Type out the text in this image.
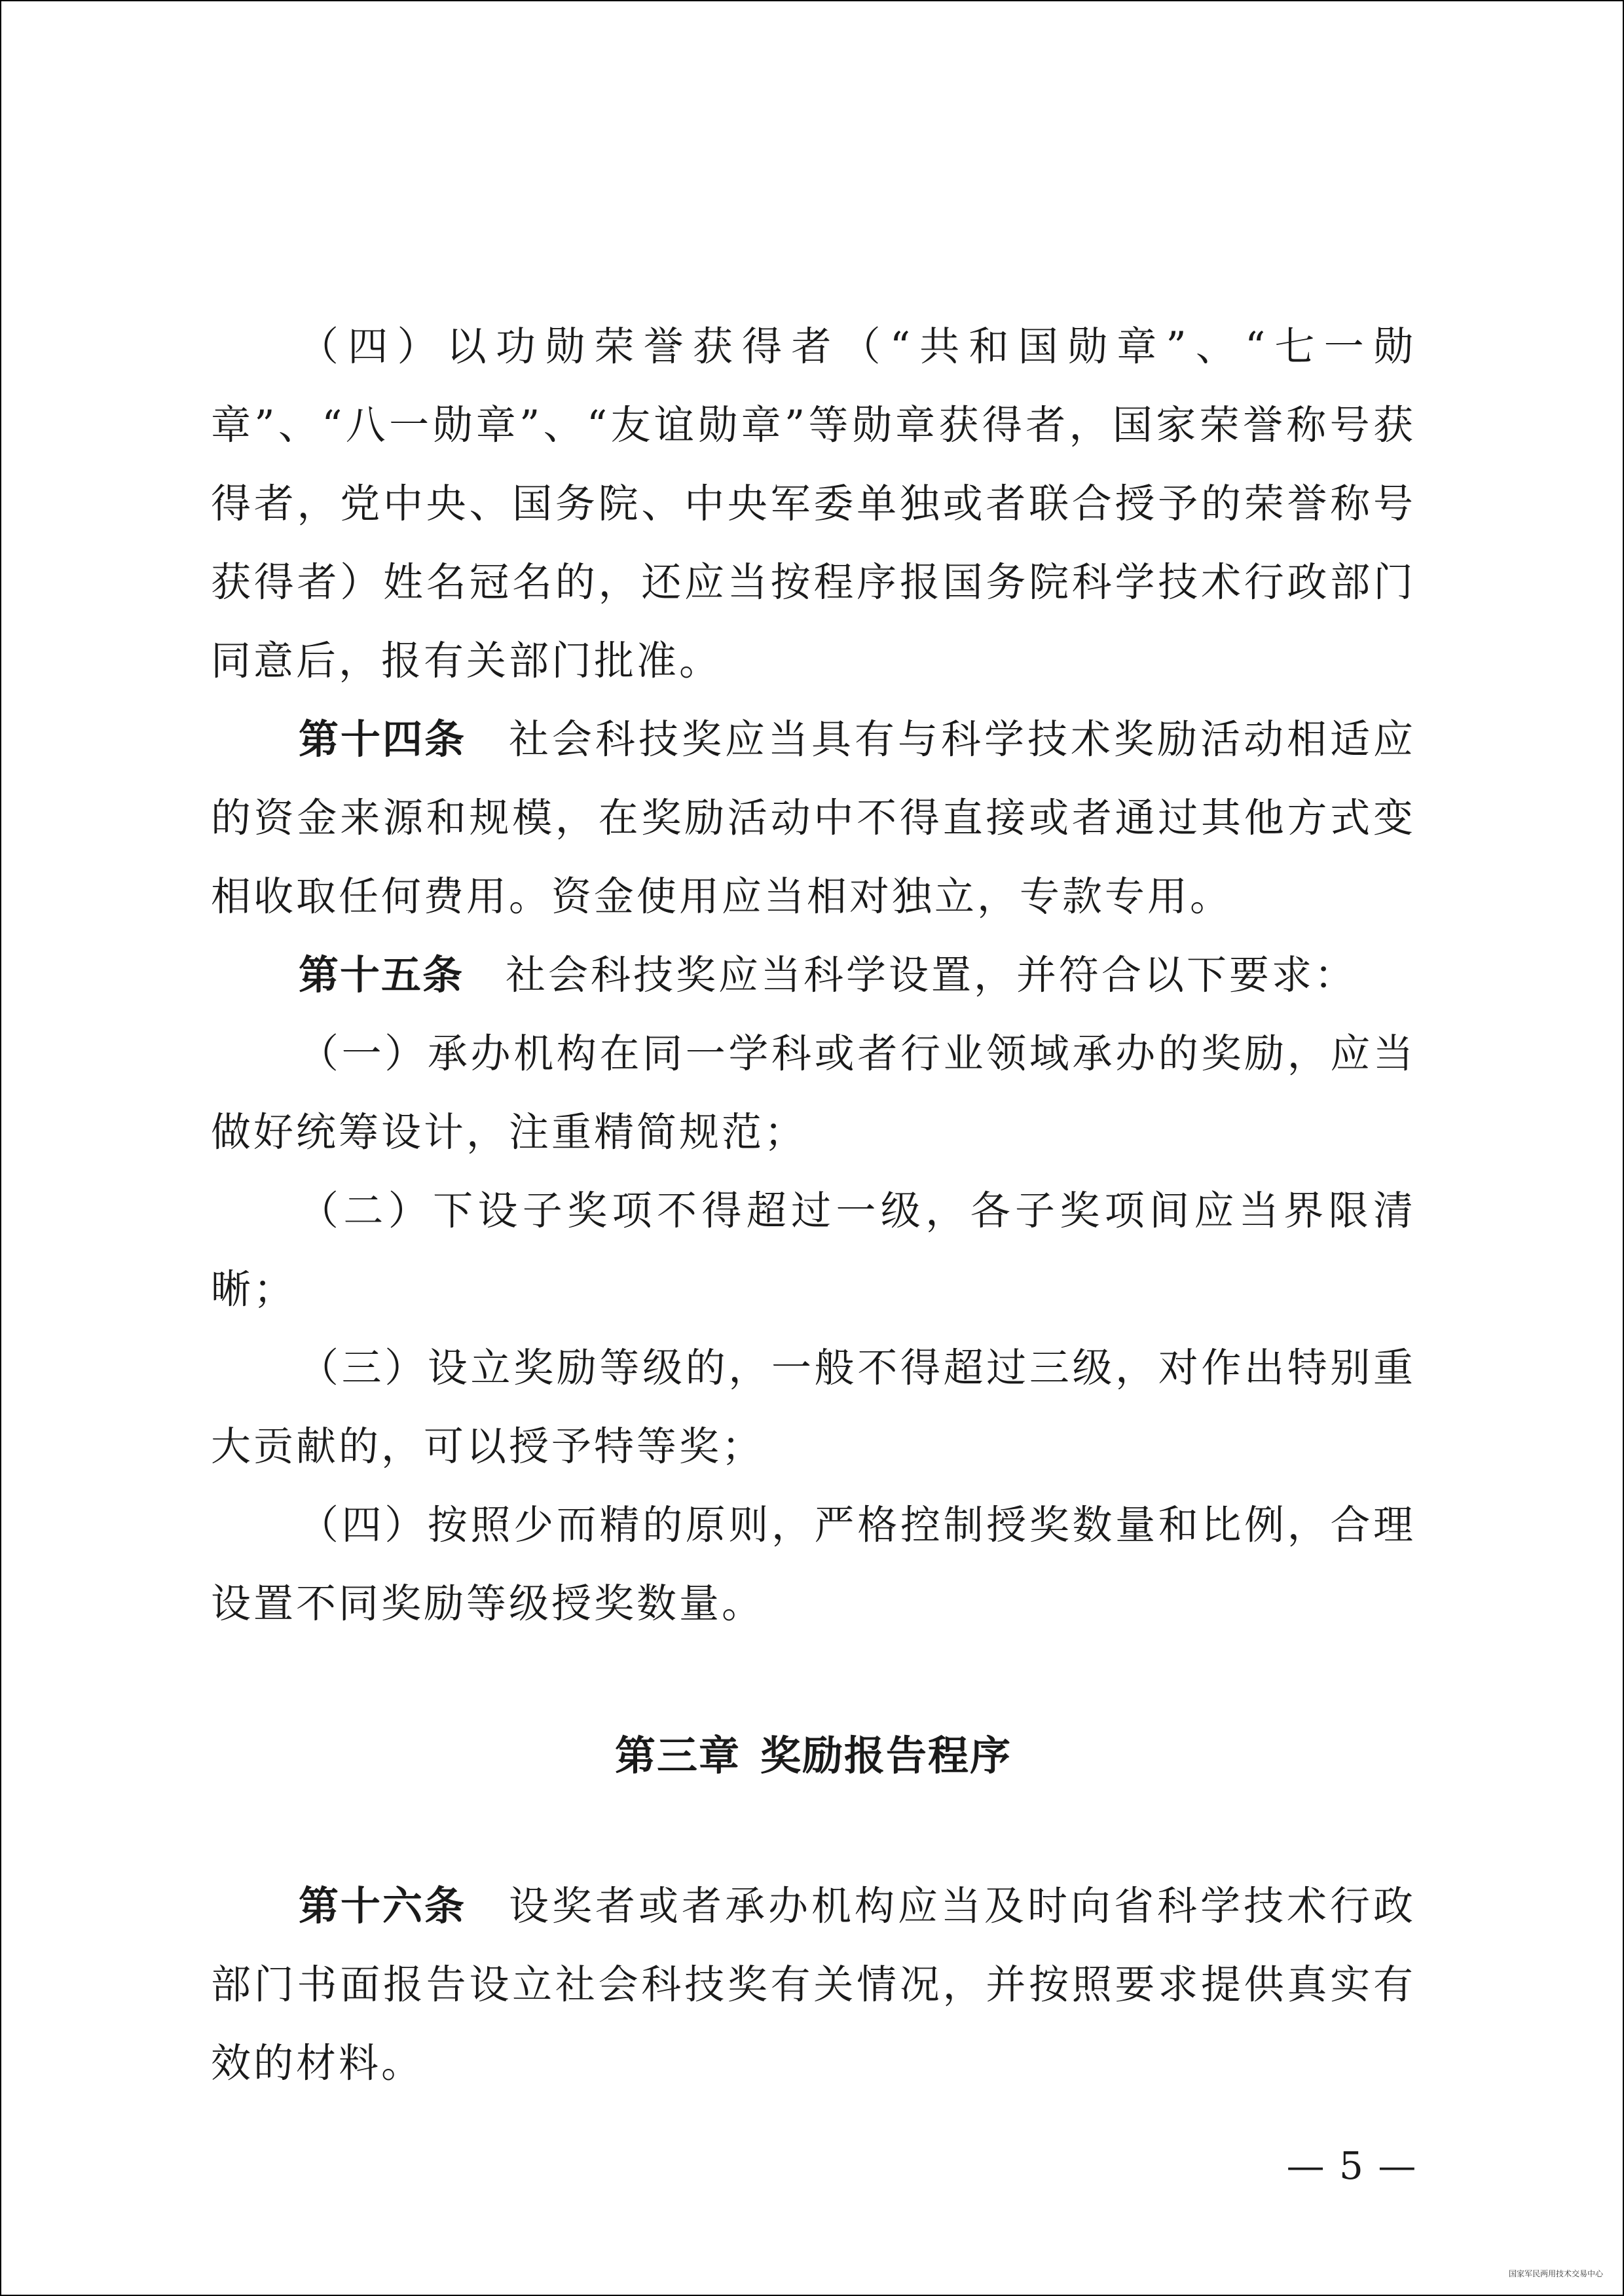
（四）以功勋荣誉获得者（“共和国勋章”、“七一勋章”、“八一勋章”、“友谊勋章”等勋章获得者，国家荣誉称号获得者，党中央、国务院、中央军委单独或者联合授予的荣誉称号获得者）姓名冠名的，还应当按程序报国务院科学技术行政部门同意后，报有关部门批准。

第十四条 社会科技奖应当具有与科学技术奖励活动相适应的资金来源和规模，在奖励活动中不得直接或者通过其他方式变相收取任何费用。资金使用应当相对独立，专款专用。

第十五条 社会科技奖应当科学设置，并符合以下要求：

（一）承办机构在同一学科或者行业领域承办的奖励，应当做好统筹设计，注重精简规范；

（二）下设子奖项不得超过一级，各子奖项间应当界限清晰；

（三）设立奖励等级的，一般不得超过三级，对作出特别重大贡献的，可以授予特等奖；

（四）按照少而精的原则，严格控制授奖数量和比例，合理设置不同奖励等级授奖数量。

第三章 奖励报告程序

第十六条 设奖者或者承办机构应当及时向省科学技术行政部门书面报告设立社会科技奖有关情况，并按照要求提供真实有效的材料。

— 5 —
国家军民两用技术交易中心
